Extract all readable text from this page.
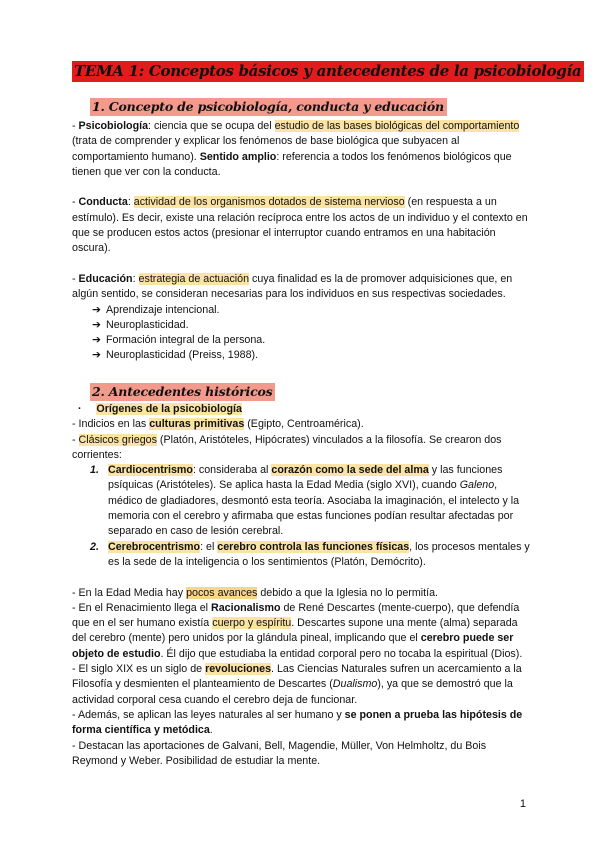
TEMA 1: Conceptos básicos y antecedentes de la psicobiología
1. Concepto de psicobiología, conducta y educación

- Psicobiología: ciencia que se ocupa del estudio de las bases biológicas del comportamiento (trata de comprender y explicar los fenómenos de base biológica que subyacen al comportamiento humano). Sentido amplio: referencia a todos los fenómenos biológicos que tienen que ver con la conducta.

- Conducta: actividad de los organismos dotados de sistema nervioso (en respuesta a un estímulo). Es decir, existe una relación recíproca entre los actos de un individuo y el contexto en que se producen estos actos (presionar el interruptor cuando entramos en una habitación oscura).

- Educación: estrategia de actuación cuya finalidad es la de promover adquisiciones que, en algún sentido, se consideran necesarias para los individuos en sus respectivas sociedades.

➔ Aprendizaje intencional.
➔ Neuroplasticidad.
➔ Formación integral de la persona.
➔ Neuroplasticidad (Preiss, 1988).
2. Antecedentes históricos

· Orígenes de la psicobiología

- Indicios en las culturas primitivas (Egipto, Centroamérica).

- Clásicos griegos (Platón, Aristóteles, Hipócrates) vinculados a la filosofía. Se crearon dos corrientes:

1. Cardiocentrismo: consideraba al corazón como la sede del alma y las funciones psíquicas (Aristóteles). Se aplica hasta la Edad Media (siglo XVI), cuando Galeno, médico de gladiadores, desmontó esta teoría. Asociaba la imaginación, el intelecto y la memoria con el cerebro y afirmaba que estas funciones podían resultar afectadas por separado en caso de lesión cerebral.
2. Cerebrocentrismo: el cerebro controla las funciones físicas, los procesos mentales y es la sede de la inteligencia o los sentimientos (Platón, Demócrito).

- En la Edad Media hay pocos avances debido a que la Iglesia no lo permitía.

- En el Renacimiento llega el Racionalismo de René Descartes (mente-cuerpo), que defendía que en el ser humano existía cuerpo y espíritu. Descartes supone una mente (alma) separada del cerebro (mente) pero unidos por la glándula pineal, implicando que el cerebro puede ser objeto de estudio. Él dijo que estudiaba la entidad corporal pero no tocaba la espiritual (Dios).

- El siglo XIX es un siglo de revoluciones. Las Ciencias Naturales sufren un acercamiento a la Filosofía y desmienten el planteamiento de Descartes (Dualismo), ya que se demostró que la actividad corporal cesa cuando el cerebro deja de funcionar.

- Además, se aplican las leyes naturales al ser humano y se ponen a prueba las hipótesis de forma científica y metódica.

- Destacan las aportaciones de Galvani, Bell, Magendie, Müller, Von Helmholtz, du Bois Reymond y Weber. Posibilidad de estudiar la mente.

1
